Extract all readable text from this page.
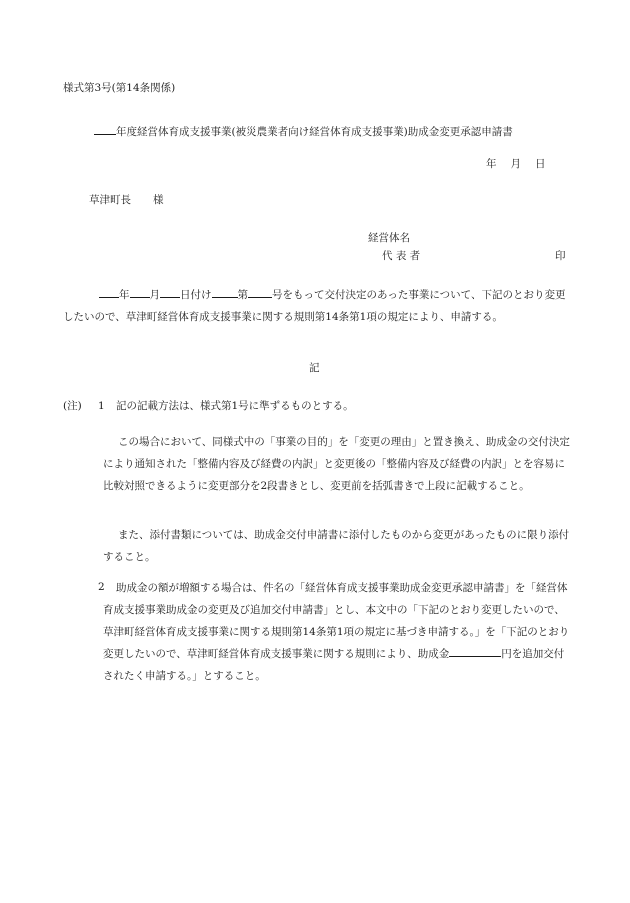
様式第3号(第14条関係)
年度経営体育成支援事業(被災農業者向け経営体育成支援事業)助成金変更承認申請書
年 月 日
草津町長 様
経営体名
代 表 者	印
年 月 日付け 第 号をもって交付決定のあった事業について、下記のとおり変更したいので、草津町経営体育成支援事業に関する規則第14条第1項の規定により、申請する。
記
(注) 1 記の記載方法は、様式第1号に準ずるものとする。
この場合において、同様式中の「事業の目的」を「変更の理由」と置き換え、助成金の交付決定により通知された「整備内容及び経費の内訳」と変更後の「整備内容及び経費の内訳」とを容易に比較対照できるように変更部分を2段書きとし、変更前を括弧書きで上段に記載すること。
また、添付書類については、助成金交付申請書に添付したものから変更があったものに限り添付すること。
2	助成金の額が増額する場合は、件名の「経営体育成支援事業助成金変更承認申請書」を「経営体育成支援事業助成金の変更及び追加交付申請書」とし、本文中の「下記のとおり変更したいので、草津町経営体育成支援事業に関する規則第14条第1項の規定に基づき申請する。」を「下記のとおり変更したいので、草津町経営体育成支援事業に関する規則により、助成金	円を追加交付されたく申請する。」とすること。
